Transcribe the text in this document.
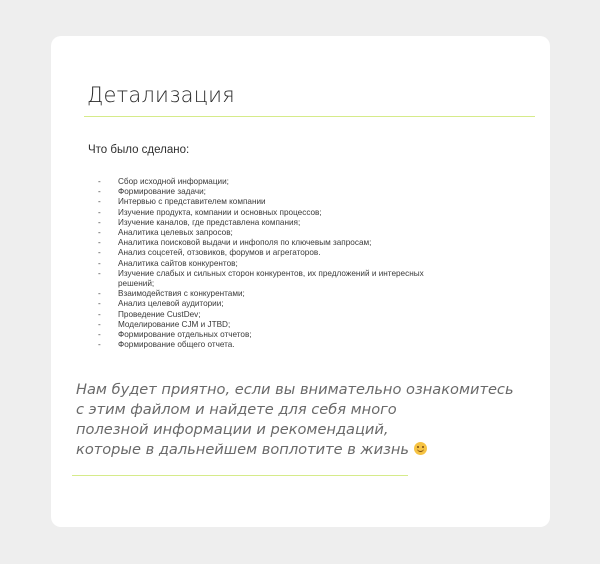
Детализация
Что было сделано:
- Сбор исходной информации;
- Формирование задачи;
- Интервью с представителем компании
- Изучение продукта, компании и основных процессов;
- Изучение каналов, где представлена компания;
- Аналитика целевых запросов;
- Аналитика поисковой выдачи и инфополя по ключевым запросам;
- Анализ соцсетей, отзовиков, форумов и агрегаторов.
- Аналитика сайтов конкурентов;
- Изучение слабых и сильных сторон конкурентов, их предложений и интересных решений;
- Взаимодействия с конкурентами;
- Анализ целевой аудитории;
- Проведение CustDev;
- Моделирование CJM и JTBD;
- Формирование отдельных отчетов;
- Формирование общего отчета.
Нам будет приятно, если вы внимательно ознакомитесь
с этим файлом и найдете для себя много
полезной информации и рекомендаций,
которые в дальнейшем воплотите в жизнь
